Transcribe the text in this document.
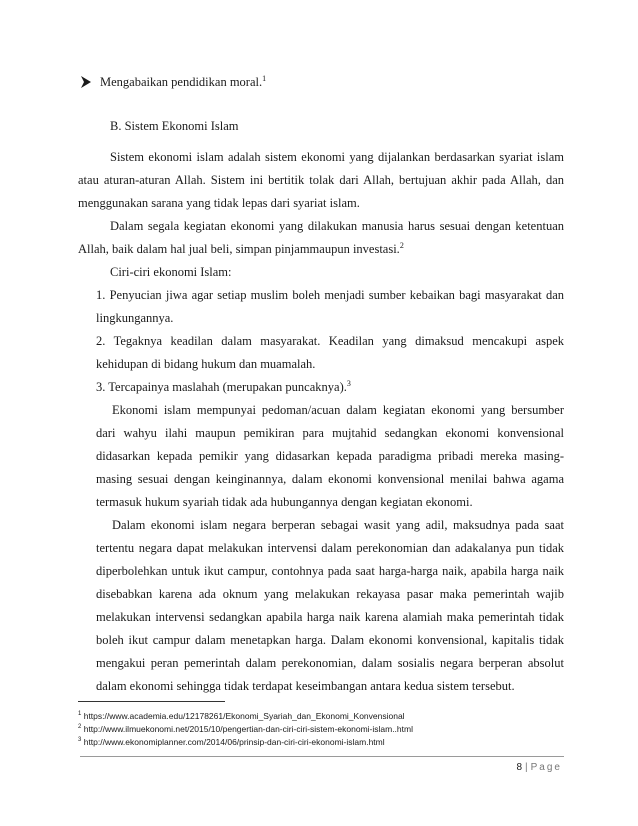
Mengabaikan pendidikan moral.$^1$
B. Sistem Ekonomi Islam
Sistem ekonomi islam adalah sistem ekonomi yang dijalankan berdasarkan syariat islam
atau aturan-aturan Allah. Sistem ini bertitik tolak dari Allah, bertujuan akhir pada Allah, dan
menggunakan sarana yang tidak lepas dari syariat islam.
Dalam segala kegiatan ekonomi yang dilakukan manusia harus sesuai dengan ketentuan
Allah, baik dalam hal jual beli, simpan pinjammaupun investasi.$^2$
Ciri-ciri ekonomi Islam:
1. Penyucian jiwa agar setiap muslim boleh menjadi sumber kebaikan bagi masyarakat dan
lingkungannya.
2. Tegaknya keadilan dalam masyarakat. Keadilan yang dimaksud mencakupi aspek
kehidupan di bidang hukum dan muamalah.
3. Tercapainya maslahah (merupakan puncaknya).$^3$
Ekonomi islam mempunyai pedoman/acuan dalam kegiatan ekonomi yang bersumber
dari wahyu ilahi maupun pemikiran para mujtahid sedangkan ekonomi konvensional
didasarkan kepada pemikir yang didasarkan kepada paradigma pribadi mereka masing-
masing sesuai dengan keinginannya, dalam ekonomi konvensional menilai bahwa agama
termasuk hukum syariah tidak ada hubungannya dengan kegiatan ekonomi.
Dalam ekonomi islam negara berperan sebagai wasit yang adil, maksudnya pada saat
tertentu negara dapat melakukan intervensi dalam perekonomian dan adakalanya pun tidak
diperbolehkan untuk ikut campur, contohnya pada saat harga-harga naik, apabila harga naik
disebabkan karena ada oknum yang melakukan rekayasa pasar maka pemerintah wajib
melakukan intervensi sedangkan apabila harga naik karena alamiah maka pemerintah tidak
boleh ikut campur dalam menetapkan harga. Dalam ekonomi konvensional, kapitalis tidak
mengakui peran pemerintah dalam perekonomian, dalam sosialis negara berperan absolut
dalam ekonomi sehingga tidak terdapat keseimbangan antara kedua sistem tersebut.
$^1$ https://www.academia.edu/12178261/Ekonomi_Syariah_dan_Ekonomi_Konvensional
$^2$ http://www.ilmuekonomi.net/2015/10/pengertian-dan-ciri-ciri-sistem-ekonomi-islam..html
$^3$ http://www.ekonomiplanner.com/2014/06/prinsip-dan-ciri-ciri-ekonomi-islam.html
8 | Page
